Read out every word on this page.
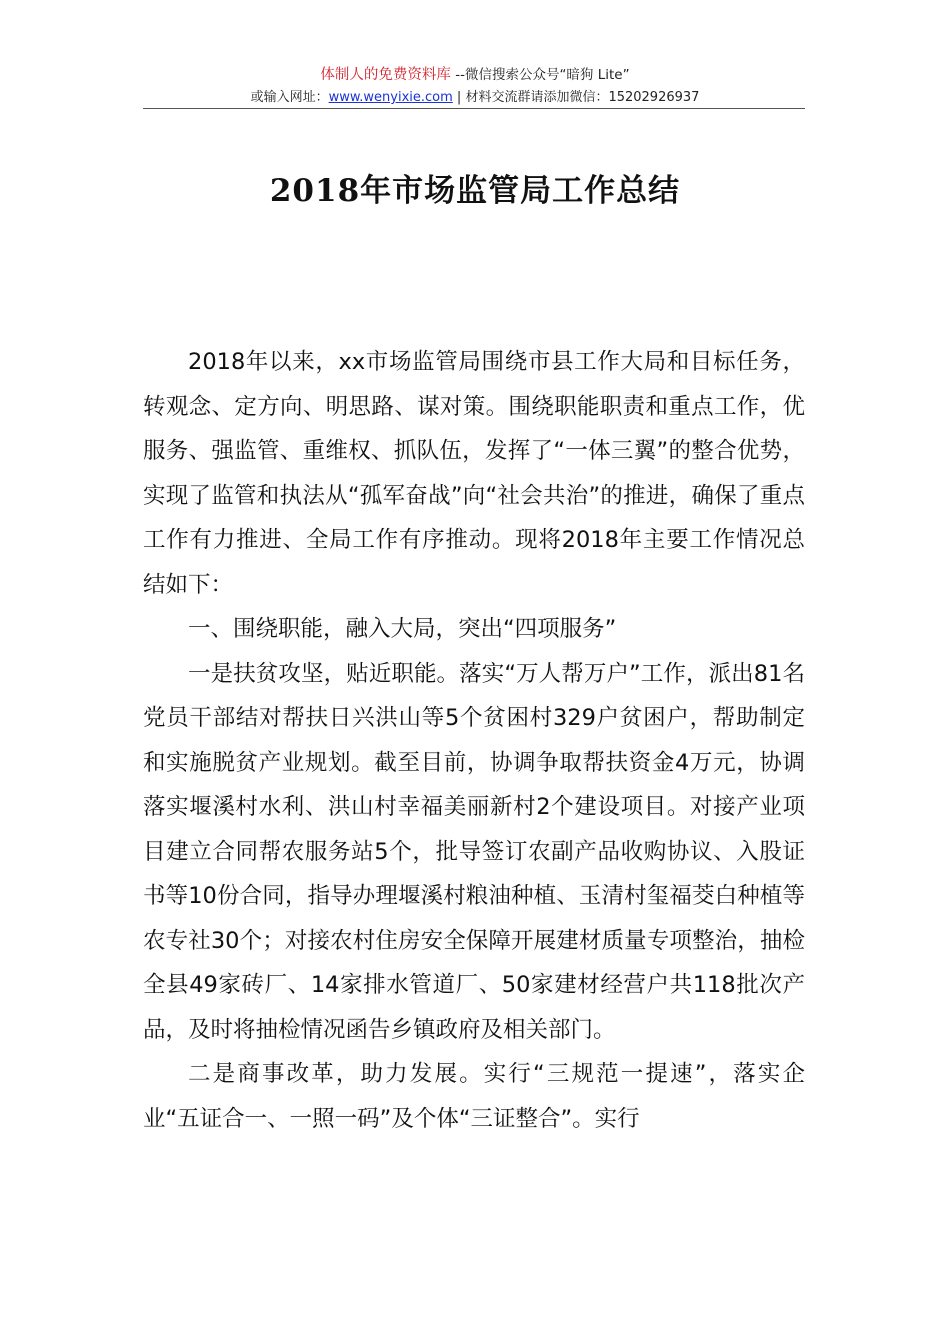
体制人的免费资料库 --微信搜索公众号“暗狗 Lite”
或输入网址：www.wenyixie.com | 材料交流群请添加微信：15202926937
2018年市场监管局工作总结

2018年以来，xx市场监管局围绕市县工作大局和目标任务，转观念、定方向、明思路、谋对策。围绕职能职责和重点工作，优服务、强监管、重维权、抓队伍，发挥了“一体三翼”的整合优势，实现了监管和执法从“孤军奋战”向“社会共治”的推进，确保了重点工作有力推进、全局工作有序推动。现将2018年主要工作情况总结如下：

一、围绕职能，融入大局，突出“四项服务”

一是扶贫攻坚，贴近职能。落实“万人帮万户”工作，派出81名党员干部结对帮扶日兴洪山等5个贫困村329户贫困户，帮助制定和实施脱贫产业规划。截至目前，协调争取帮扶资金4万元，协调落实堰溪村水利、洪山村幸福美丽新村2个建设项目。对接产业项目建立合同帮农服务站5个，批导签订农副产品收购协议、入股证书等10份合同，指导办理堰溪村粮油种植、玉清村玺福茭白种植等农专社30个；对接农村住房安全保障开展建材质量专项整治，抽检全县49家砖厂、14家排水管道厂、50家建材经营户共118批次产品，及时将抽检情况函告乡镇政府及相关部门。

二是商事改革，助力发展。实行“三规范一提速”，落实企业“五证合一、一照一码”及个体“三证整合”。实行
